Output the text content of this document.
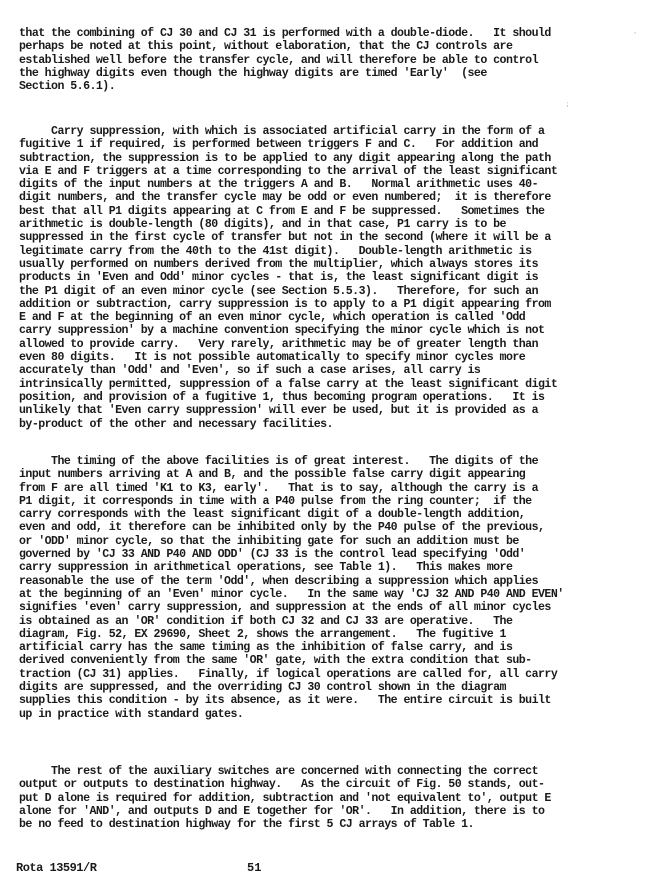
that the combining of CJ 30 and CJ 31 is performed with a double-diode.   It should
perhaps be noted at this point, without elaboration, that the CJ controls are
established well before the transfer cycle, and will therefore be able to control
the highway digits even though the highway digits are timed 'Early'  (see
Section 5.6.1).
Carry suppression, with which is associated artificial carry in the form of a
fugitive 1 if required, is performed between triggers F and C.   For addition and
subtraction, the suppression is to be applied to any digit appearing along the path
via E and F triggers at a time corresponding to the arrival of the least significant
digits of the input numbers at the triggers A and B.   Normal arithmetic uses 40-
digit numbers, and the transfer cycle may be odd or even numbered;  it is therefore
best that all P1 digits appearing at C from E and F be suppressed.   Sometimes the
arithmetic is double-length (80 digits), and in that case, P1 carry is to be
suppressed in the first cycle of transfer but not in the second (where it will be a
legitimate carry from the 40th to the 41st digit).   Double-length arithmetic is
usually performed on numbers derived from the multiplier, which always stores its
products in 'Even and Odd' minor cycles - that is, the least significant digit is
the P1 digit of an even minor cycle (see Section 5.5.3).   Therefore, for such an
addition or subtraction, carry suppression is to apply to a P1 digit appearing from
E and F at the beginning of an even minor cycle, which operation is called 'Odd
carry suppression' by a machine convention specifying the minor cycle which is not
allowed to provide carry.   Very rarely, arithmetic may be of greater length than
even 80 digits.   It is not possible automatically to specify minor cycles more
accurately than 'Odd' and 'Even', so if such a case arises, all carry is
intrinsically permitted, suppression of a false carry at the least significant digit
position, and provision of a fugitive 1, thus becoming program operations.   It is
unlikely that 'Even carry suppression' will ever be used, but it is provided as a
by-product of the other and necessary facilities.
The timing of the above facilities is of great interest.   The digits of the
input numbers arriving at A and B, and the possible false carry digit appearing
from F are all timed 'K1 to K3, early'.   That is to say, although the carry is a
P1 digit, it corresponds in time with a P40 pulse from the ring counter;  if the
carry corresponds with the least significant digit of a double-length addition,
even and odd, it therefore can be inhibited only by the P40 pulse of the previous,
or 'ODD' minor cycle, so that the inhibiting gate for such an addition must be
governed by 'CJ 33 AND P40 AND ODD' (CJ 33 is the control lead specifying 'Odd'
carry suppression in arithmetical operations, see Table 1).   This makes more
reasonable the use of the term 'Odd', when describing a suppression which applies
at the beginning of an 'Even' minor cycle.   In the same way 'CJ 32 AND P40 AND EVEN'
signifies 'even' carry suppression, and suppression at the ends of all minor cycles
is obtained as an 'OR' condition if both CJ 32 and CJ 33 are operative.   The
diagram, Fig. 52, EX 29690, Sheet 2, shows the arrangement.   The fugitive 1
artificial carry has the same timing as the inhibition of false carry, and is
derived conveniently from the same 'OR' gate, with the extra condition that sub-
traction (CJ 31) applies.   Finally, if logical operations are called for, all carry
digits are suppressed, and the overriding CJ 30 control shown in the diagram
supplies this condition - by its absence, as it were.   The entire circuit is built
up in practice with standard gates.
The rest of the auxiliary switches are concerned with connecting the correct
output or outputs to destination highway.   As the circuit of Fig. 50 stands, out-
put D alone is required for addition, subtraction and 'not equivalent to', output E
alone for 'AND', and outputs D and E together for 'OR'.   In addition, there is to
be no feed to destination highway for the first 5 CJ arrays of Table 1.
⁏
·
Rota 13591/R	51
